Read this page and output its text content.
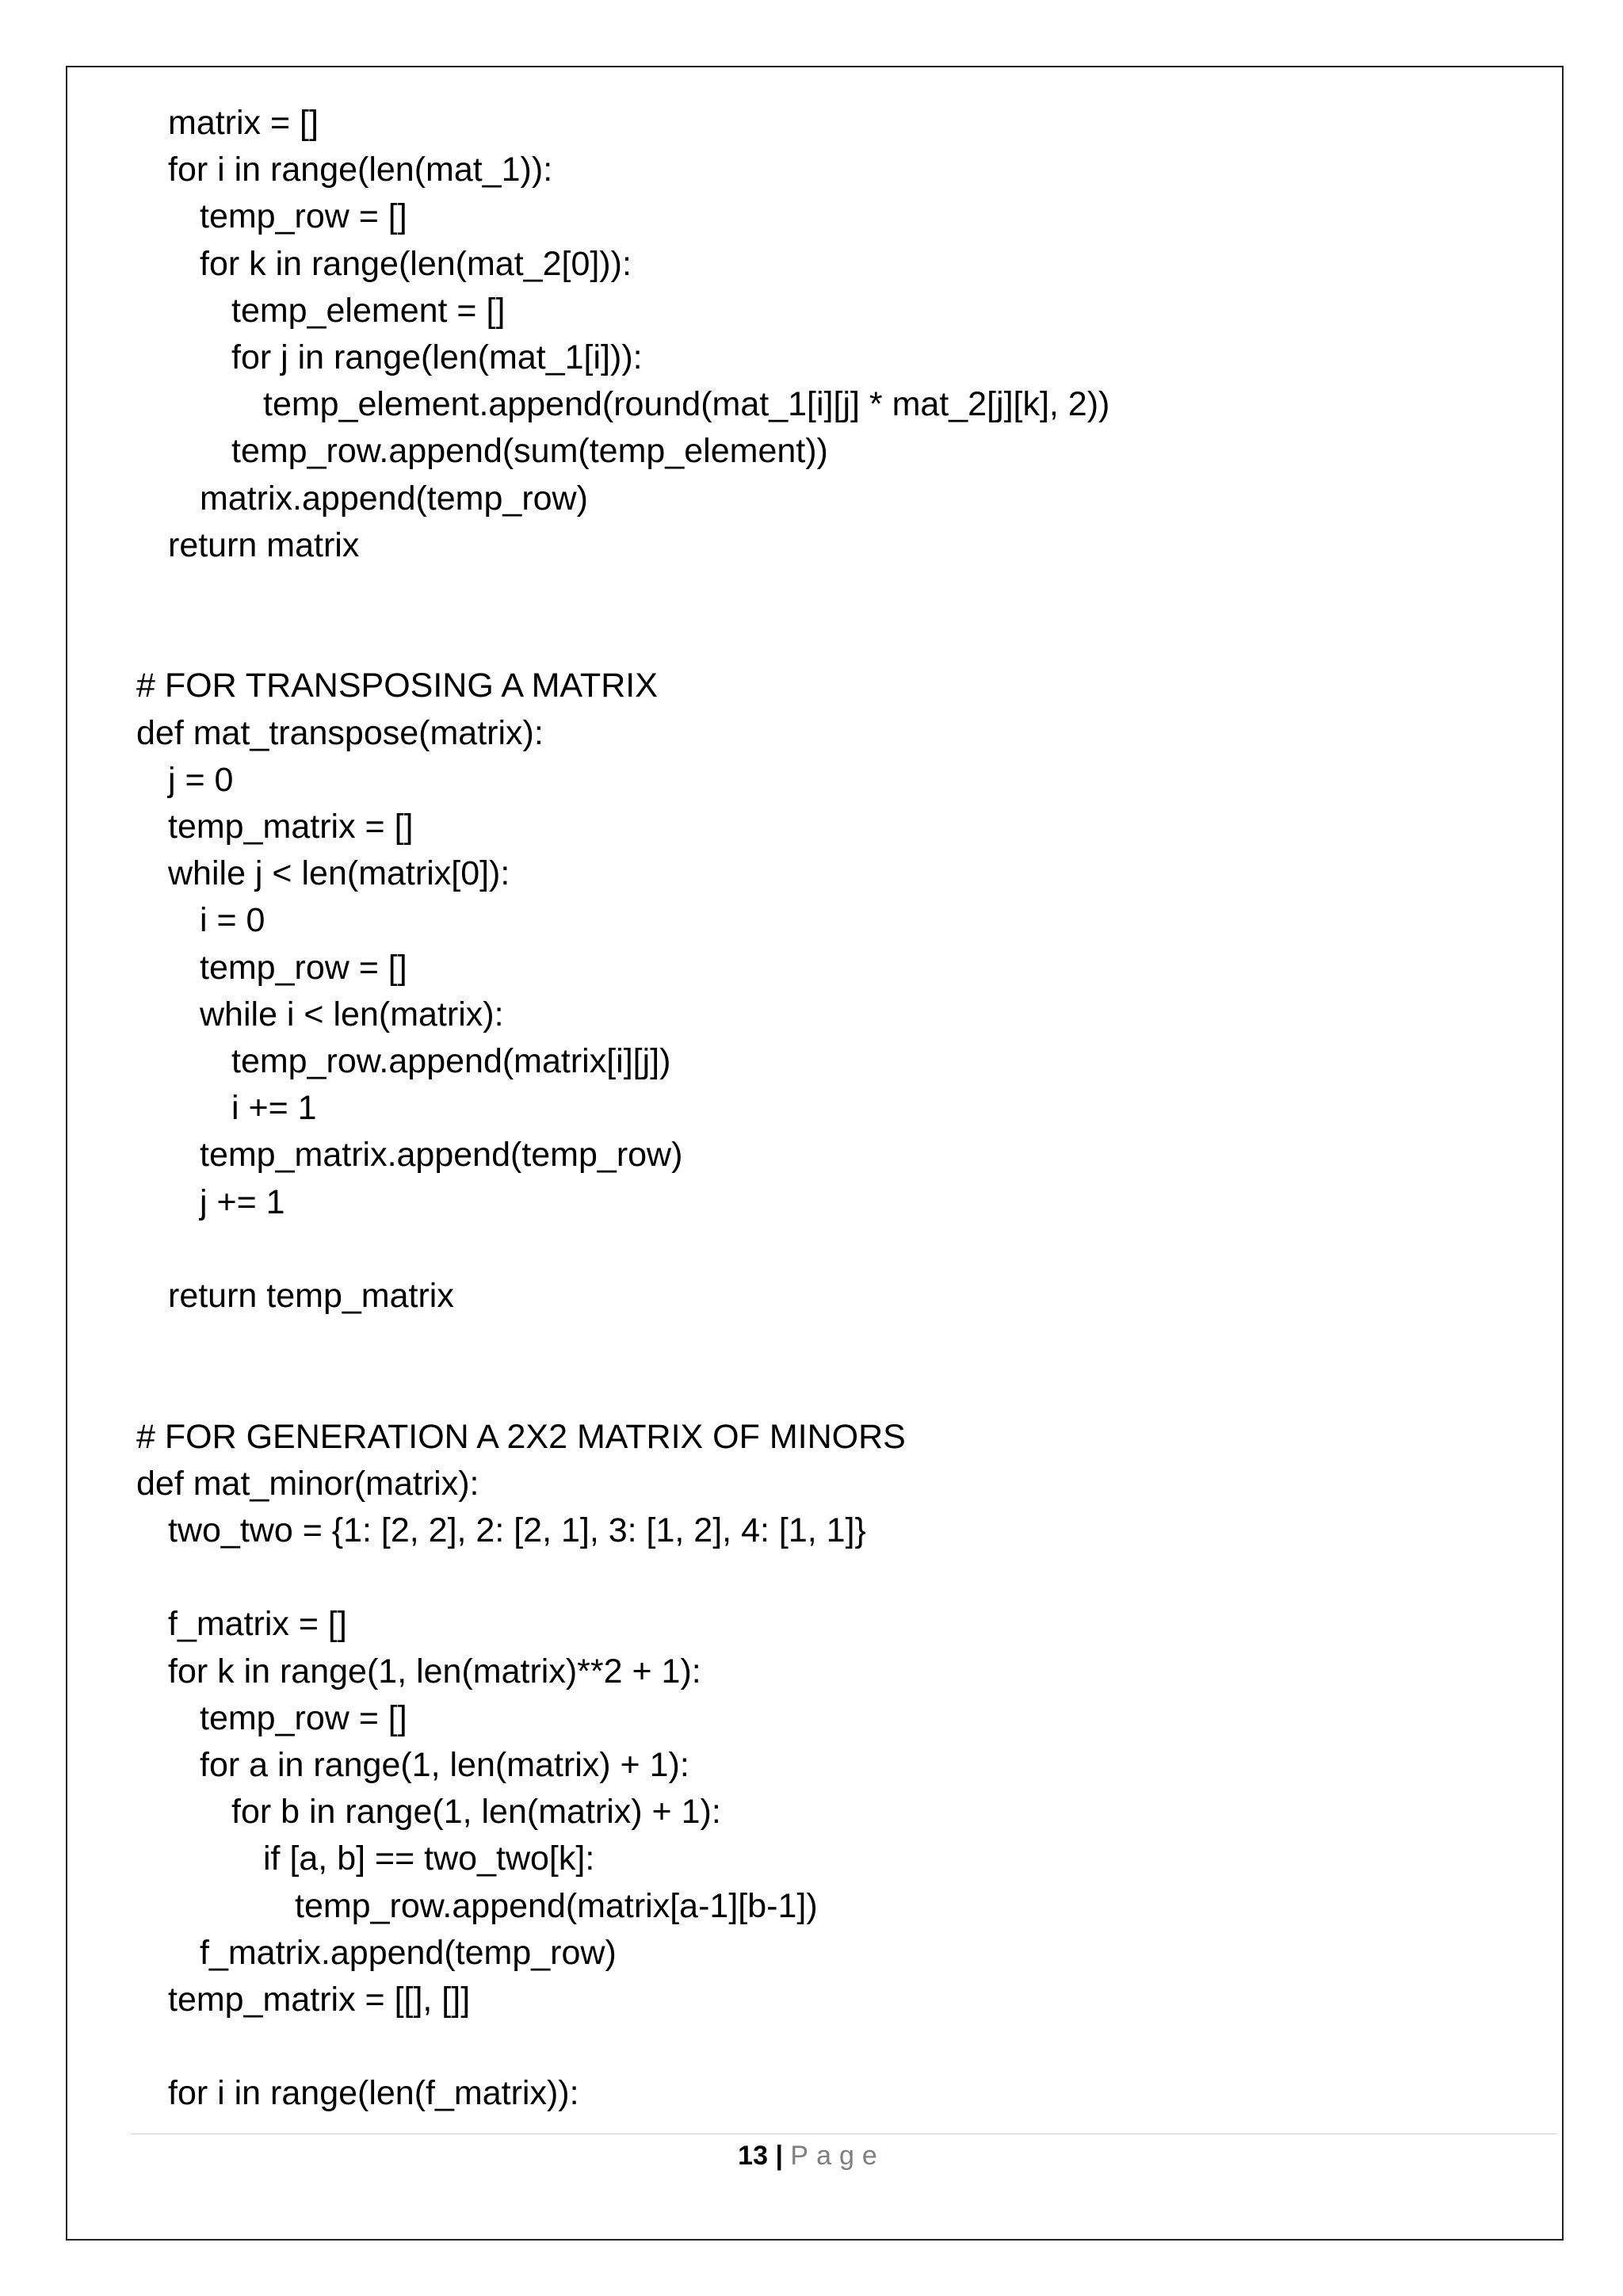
matrix = []
for i in range(len(mat_1)):
temp_row = []
for k in range(len(mat_2[0])):
temp_element = []
for j in range(len(mat_1[i])):
temp_element.append(round(mat_1[i][j] * mat_2[j][k], 2))
temp_row.append(sum(temp_element))
matrix.append(temp_row)
return matrix
# FOR TRANSPOSING A MATRIX
def mat_transpose(matrix):
j = 0
temp_matrix = []
while j < len(matrix[0]):
i = 0
temp_row = []
while i < len(matrix):
temp_row.append(matrix[i][j])
i += 1
temp_matrix.append(temp_row)
j += 1
return temp_matrix
# FOR GENERATION A 2X2 MATRIX OF MINORS
def mat_minor(matrix):
two_two = {1: [2, 2], 2: [2, 1], 3: [1, 2], 4: [1, 1]}
f_matrix = []
for k in range(1, len(matrix)**2 + 1):
temp_row = []
for a in range(1, len(matrix) + 1):
for b in range(1, len(matrix) + 1):
if [a, b] == two_two[k]:
temp_row.append(matrix[a-1][b-1])
f_matrix.append(temp_row)
temp_matrix = [[], []]
for i in range(len(f_matrix)):
13 | Page
